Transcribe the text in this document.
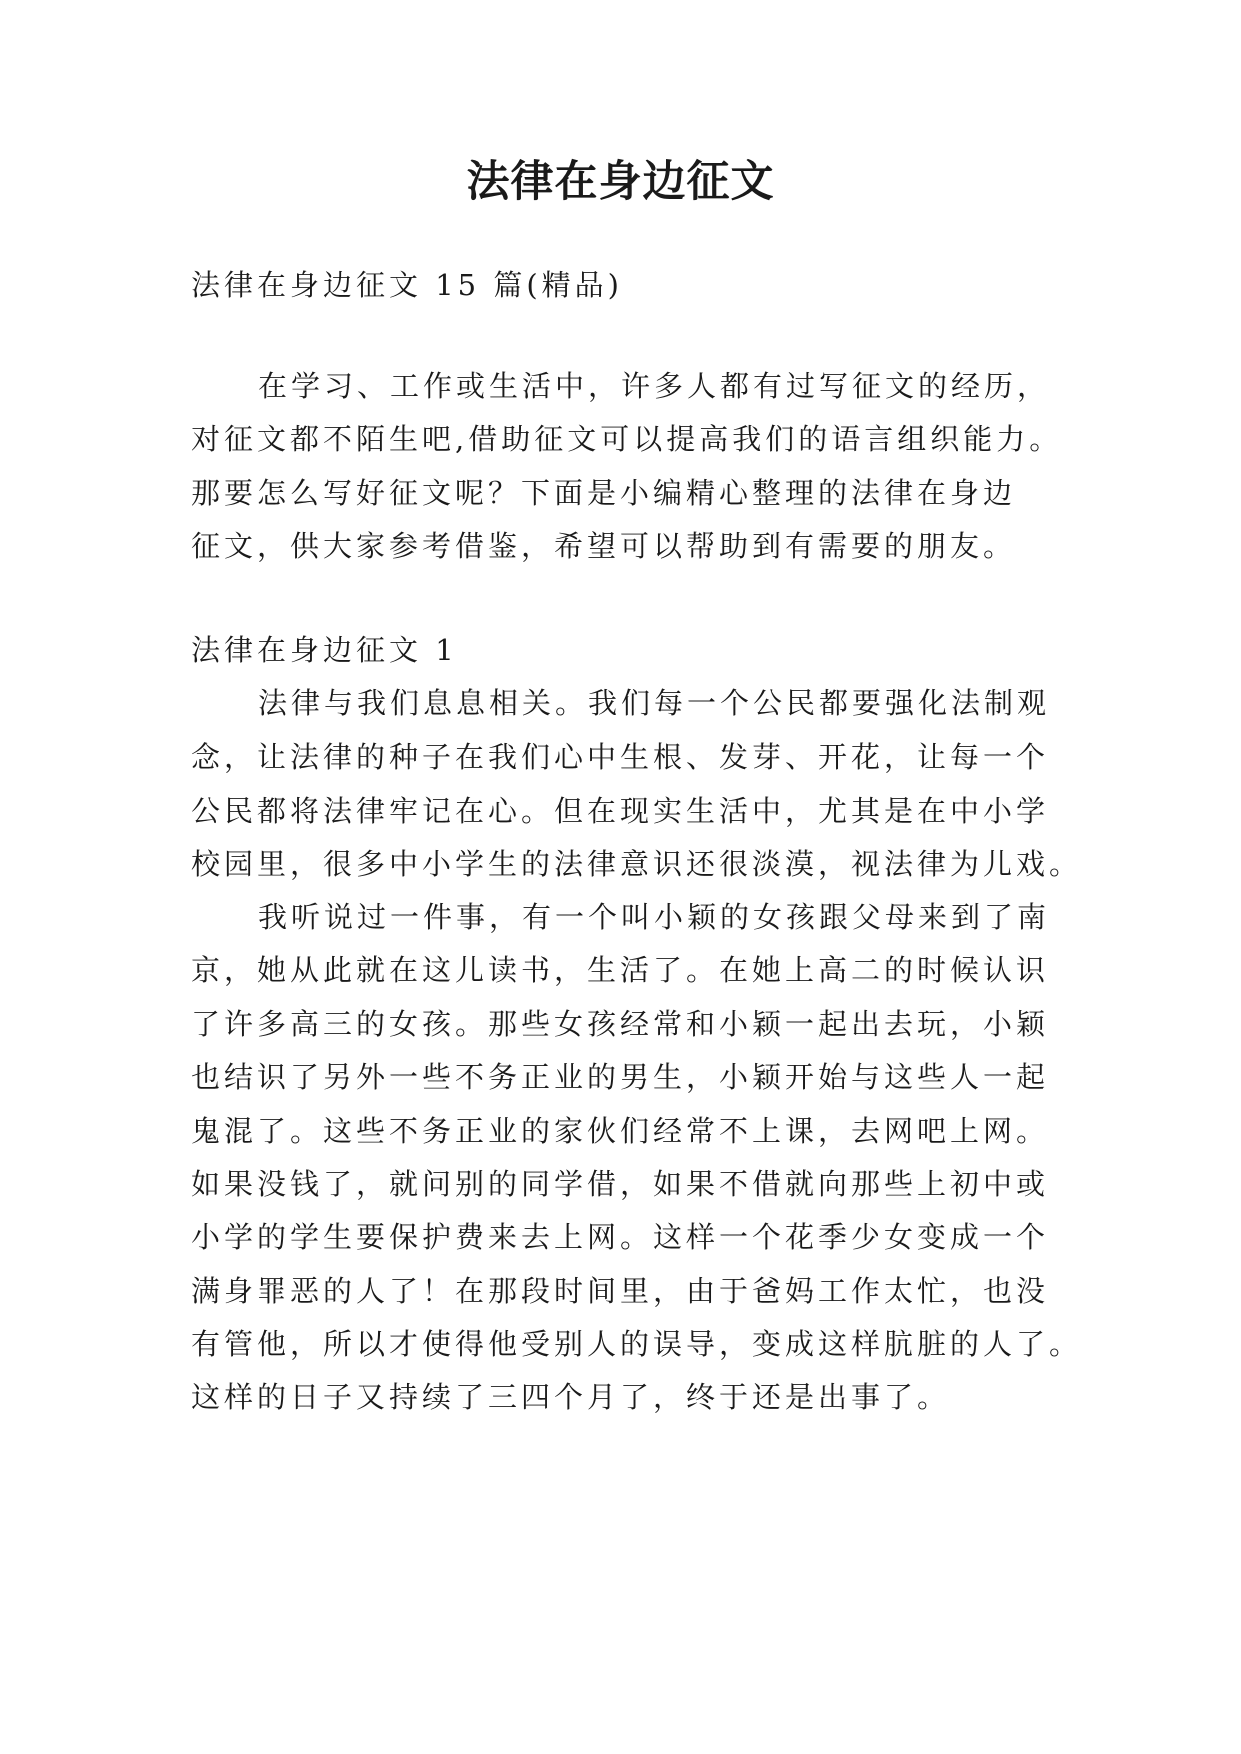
法律在身边征文
法律在身边征文 15 篇(精品)
在学习、工作或生活中，许多人都有过写征文的经历，
对征文都不陌生吧,借助征文可以提高我们的语言组织能力。
那要怎么写好征文呢？下面是小编精心整理的法律在身边
征文，供大家参考借鉴，希望可以帮助到有需要的朋友。
法律在身边征文 1
法律与我们息息相关。我们每一个公民都要强化法制观
念，让法律的种子在我们心中生根、发芽、开花，让每一个
公民都将法律牢记在心。但在现实生活中，尤其是在中小学
校园里，很多中小学生的法律意识还很淡漠，视法律为儿戏。
我听说过一件事，有一个叫小颖的女孩跟父母来到了南
京，她从此就在这儿读书，生活了。在她上高二的时候认识
了许多高三的女孩。那些女孩经常和小颖一起出去玩，小颖
也结识了另外一些不务正业的男生，小颖开始与这些人一起
鬼混了。这些不务正业的家伙们经常不上课，去网吧上网。
如果没钱了，就问别的同学借，如果不借就向那些上初中或
小学的学生要保护费来去上网。这样一个花季少女变成一个
满身罪恶的人了！在那段时间里，由于爸妈工作太忙，也没
有管他，所以才使得他受别人的误导，变成这样肮脏的人了。
这样的日子又持续了三四个月了，终于还是出事了。
